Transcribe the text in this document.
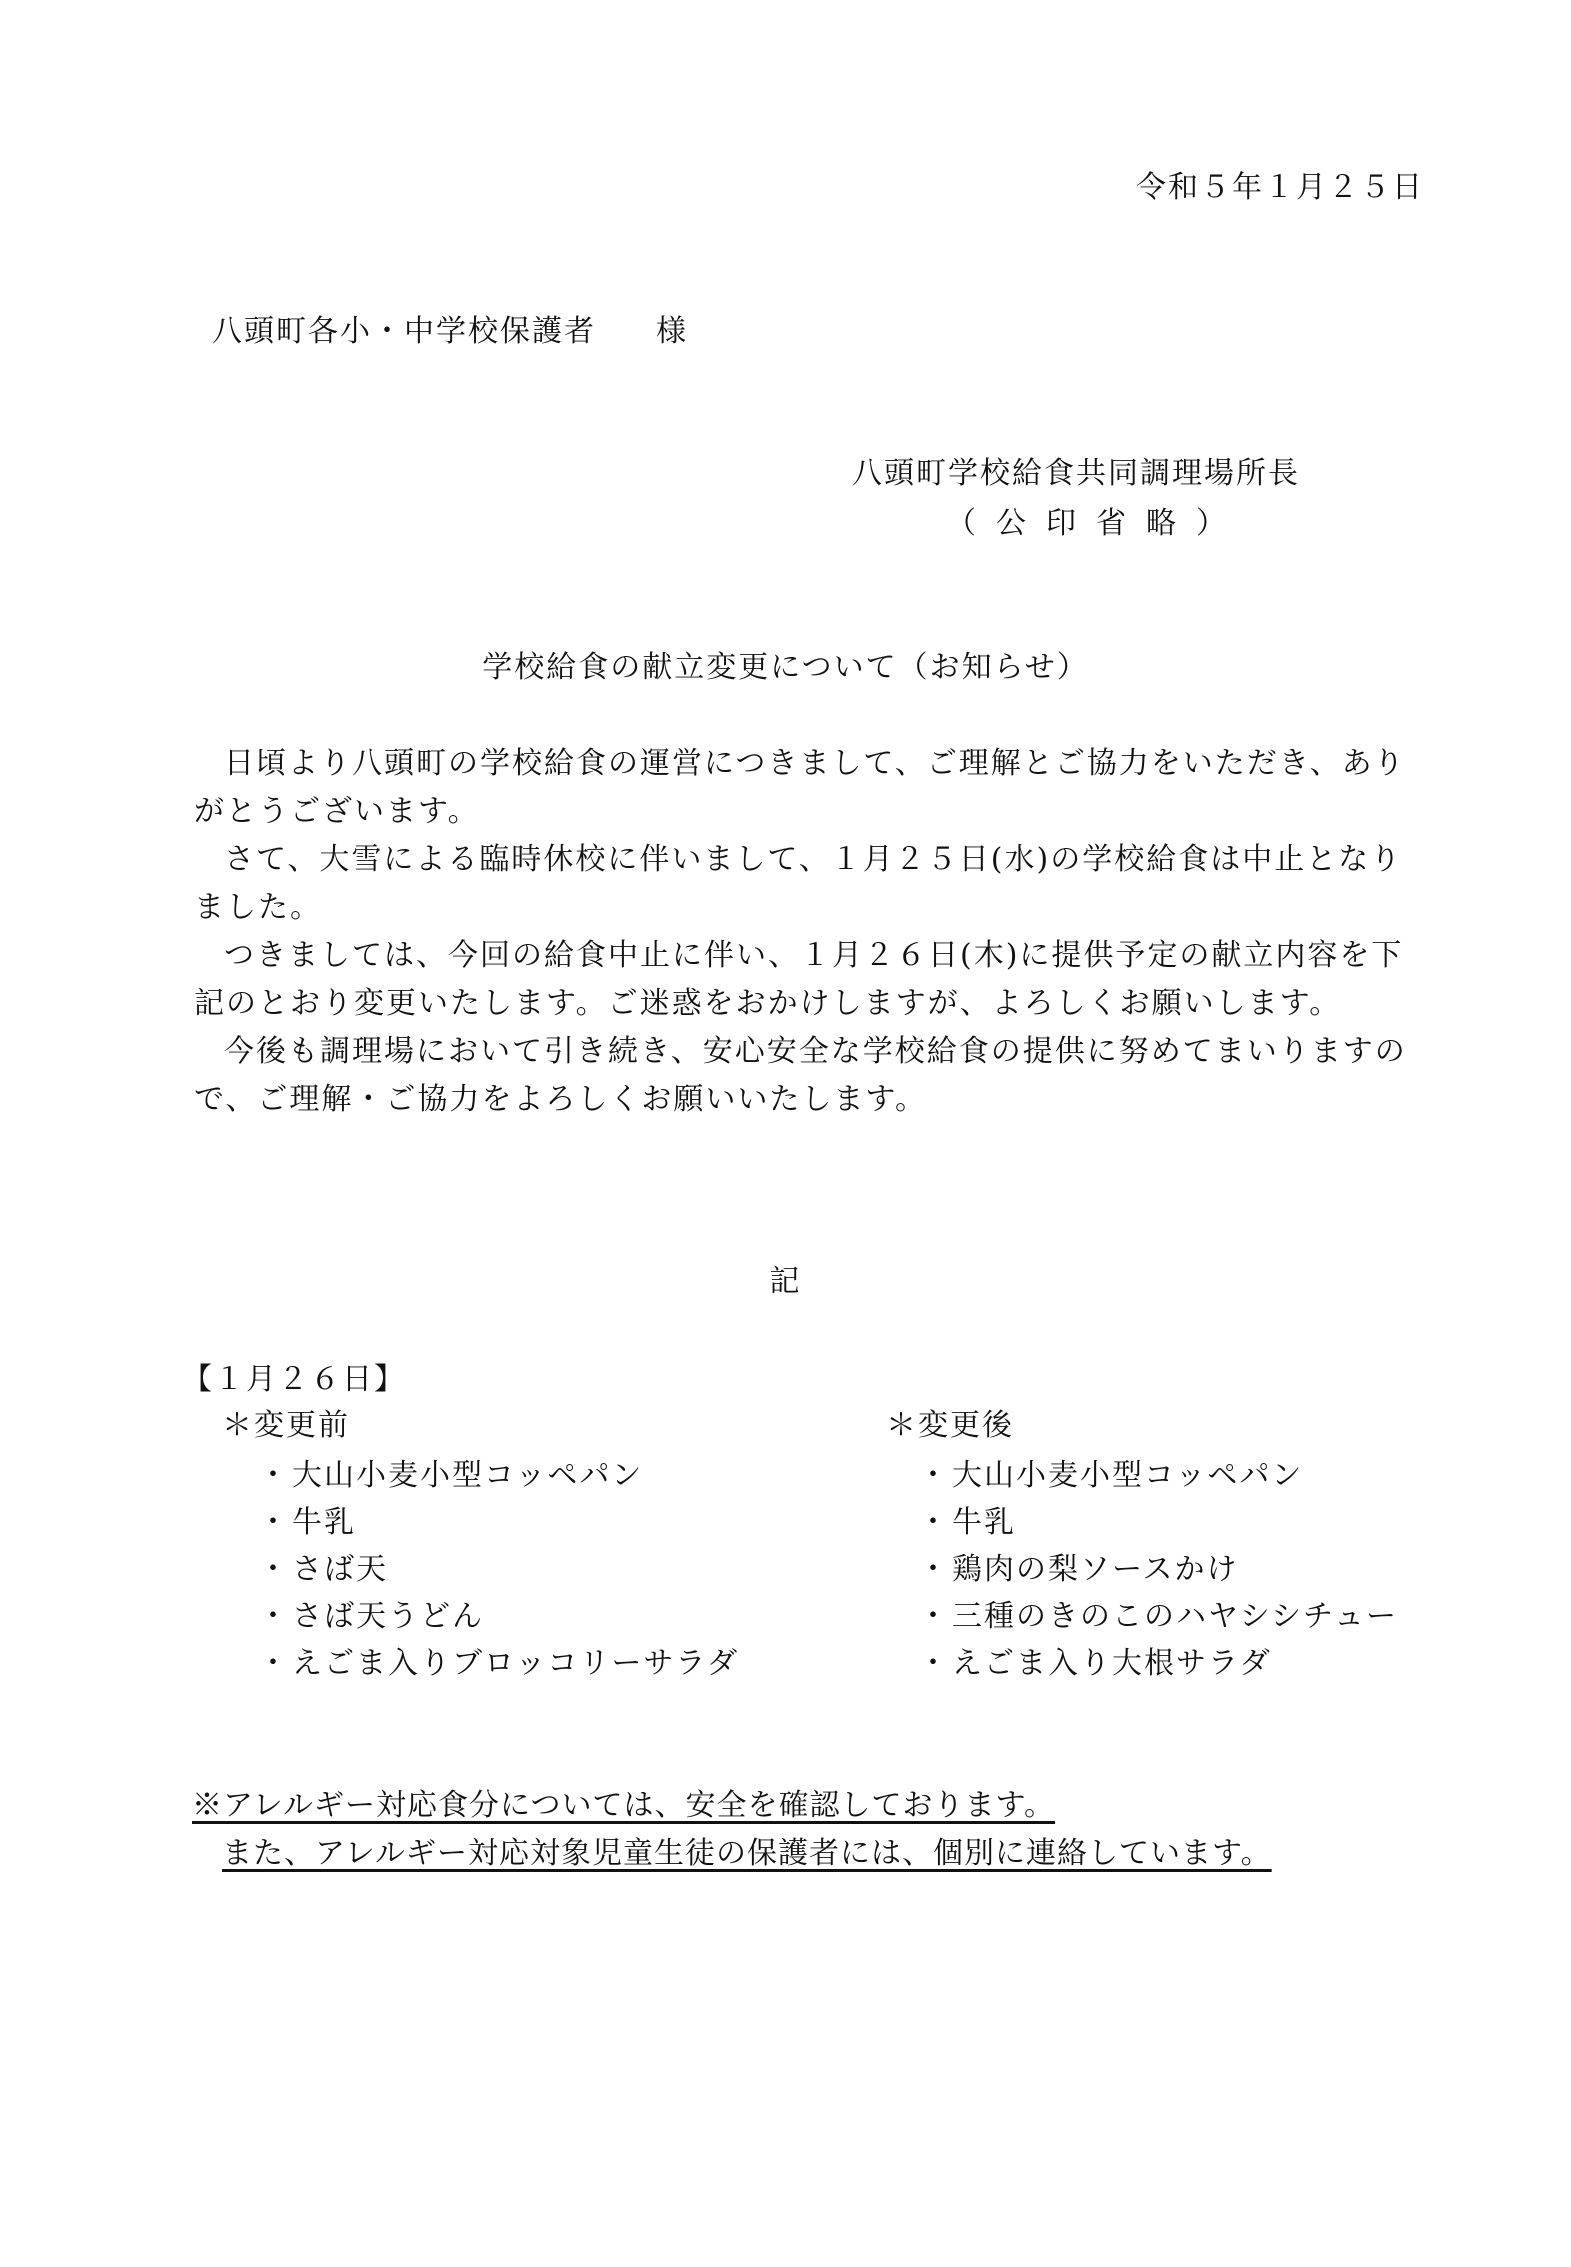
令和５年１月２５日
八頭町各小・中学校保護者 様
八頭町学校給食共同調理場所長
（公印省略）
学校給食の献立変更について（お知らせ）

日頃より八頭町の学校給食の運営につきまして、ご理解とご協力をいただき、ありがとうございます。

さて、大雪による臨時休校に伴いまして、１月２５日(水)の学校給食は中止となりました。

つきましては、今回の給食中止に伴い、１月２６日(木)に提供予定の献立内容を下記のとおり変更いたします。ご迷惑をおかけしますが、よろしくお願いします。

今後も調理場において引き続き、安心安全な学校給食の提供に努めてまいりますので、ご理解・ご協力をよろしくお願いいたします。

記
【１月２６日】
＊変更前	＊変更後
・ 大山小麦小型コッペパン
・ 牛乳
・ さば天
・ さば天うどん
・ えごま入りブロッコリーサラダ
・ 大山小麦小型コッペパン
・ 牛乳
・ 鶏肉の梨ソースかけ
・ 三種のきのこのハヤシシチュー
・ えごま入り大根サラダ
※アレルギー対応食分については、安全を確認しております。
また、アレルギー対応対象児童生徒の保護者には、個別に連絡しています。
